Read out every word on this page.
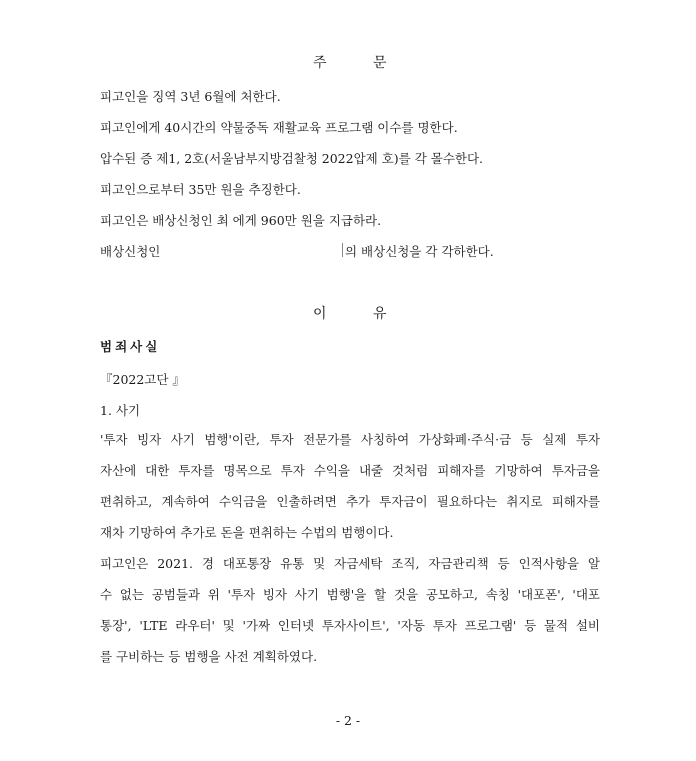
주	문
피고인을 징역 3년 6월에 처한다.
피고인에게 40시간의 약물중독 재활교육 프로그램 이수를 명한다.
압수된 증 제1, 2호(서울남부지방검찰청 2022압제 호)를 각 몰수한다.
피고인으로부터 35만 원을 추징한다.
피고인은 배상신청인 최 에게 960만 원을 지급하라.
배상신청인	의 배상신청을 각 각하한다.
이	유
범죄사실
『2022고단 』
1. 사기
'투자 빙자 사기 범행'이란, 투자 전문가를 사칭하여 가상화폐·주식·금 등 실제 투자
자산에 대한 투자를 명목으로 투자 수익을 내줄 것처럼 피해자를 기망하여 투자금을
편취하고, 계속하여 수익금을 인출하려면 추가 투자금이 필요하다는 취지로 피해자를
재차 기망하여 추가로 돈을 편취하는 수법의 범행이다.
피고인은 2021. 경 대포통장 유통 및 자금세탁 조직, 자금관리책 등 인적사항을 알
수 없는 공범들과 위 '투자 빙자 사기 범행'을 할 것을 공모하고, 속칭 '대포폰', '대포
통장', 'LTE 라우터' 및 '가짜 인터넷 투자사이트', '자동 투자 프로그램' 등 물적 설비
를 구비하는 등 범행을 사전 계획하였다.
- 2 -
